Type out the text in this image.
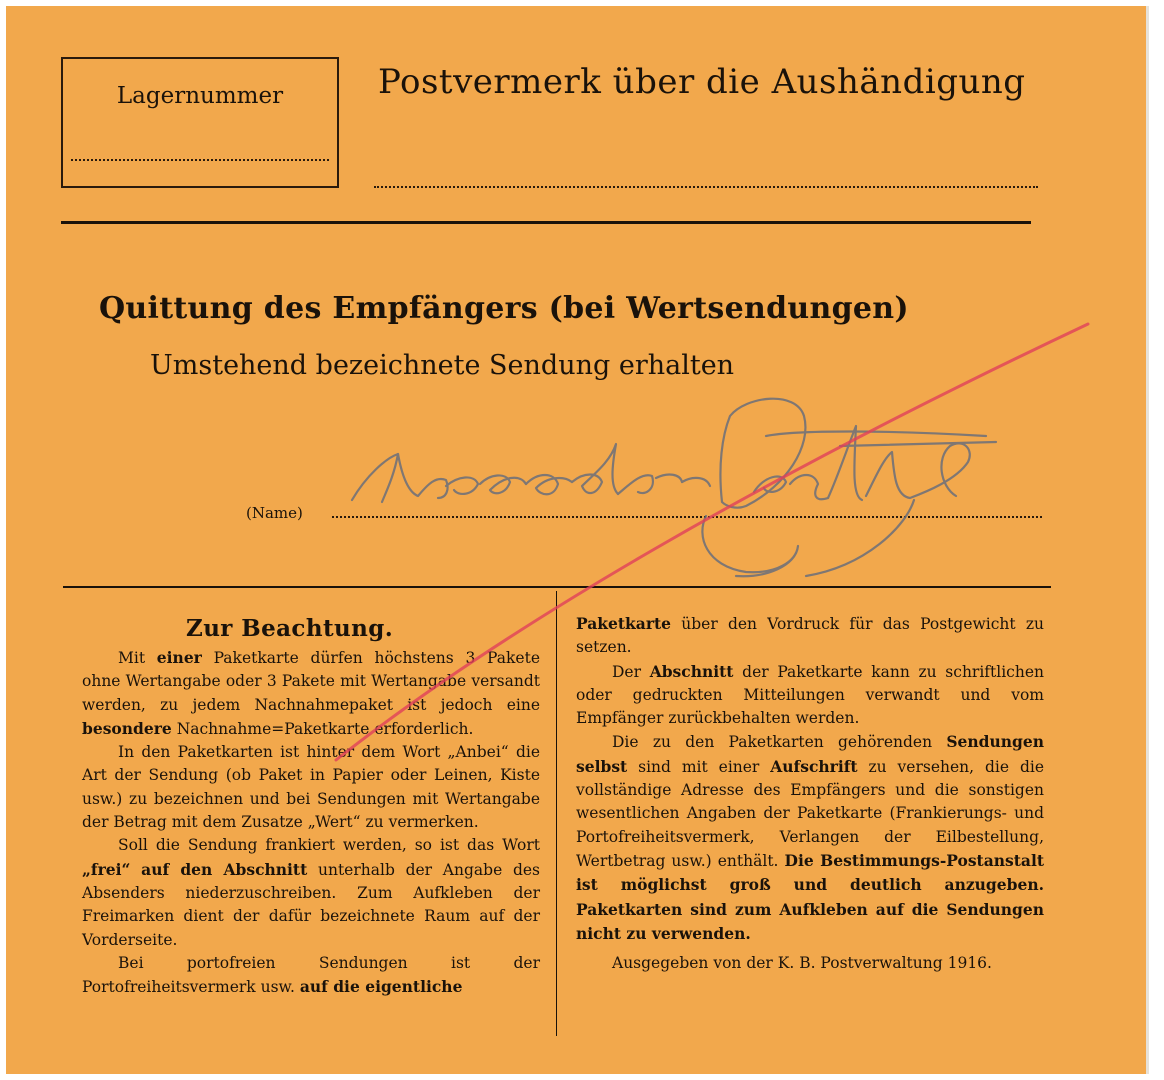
Lagernummer	Postvermerk über die Aushändigung
Quittung des Empfängers (bei Wertsendungen)
Umstehend bezeichnete Sendung erhalten
(Name)
Zur Beachtung.

Mit einer Paketkarte dürfen höchstens 3 Pakete ohne Wertangabe oder 3 Pakete mit Wertangabe versandt werden, zu jedem Nachnahmepaket ist jedoch eine besondere Nachnahme=Paketkarte erforderlich.

In den Paketkarten ist hinter dem Wort „Anbei“ die Art der Sendung (ob Paket in Papier oder Leinen, Kiste usw.) zu bezeichnen und bei Sendungen mit Wertangabe der Betrag mit dem Zusatze „Wert“ zu vermerken.

Soll die Sendung frankiert werden, so ist das Wort „frei“ auf den Abschnitt unterhalb der Angabe des Absenders niederzuschreiben. Zum Aufkleben der Freimarken dient der dafür bezeichnete Raum auf der Vorderseite.

Bei portofreien Sendungen ist der Portofreiheitsvermerk usw. auf die eigentliche

Paketkarte über den Vordruck für das Postgewicht zu setzen.

Der Abschnitt der Paketkarte kann zu schriftlichen oder gedruckten Mitteilungen verwandt und vom Empfänger zurückbehalten werden.

Die zu den Paketkarten gehörenden Sendungen selbst sind mit einer Aufschrift zu versehen, die die vollständige Adresse des Empfängers und die sonstigen wesentlichen Angaben der Paketkarte (Frankierungs- und Portofreiheitsvermerk, Verlangen der Eilbestellung, Wertbetrag usw.) enthält. Die Bestimmungs-Postanstalt ist möglichst groß und deutlich anzugeben. Paketkarten sind zum Aufkleben auf die Sendungen nicht zu verwenden.

Ausgegeben von der K. B. Postverwaltung 1916.
